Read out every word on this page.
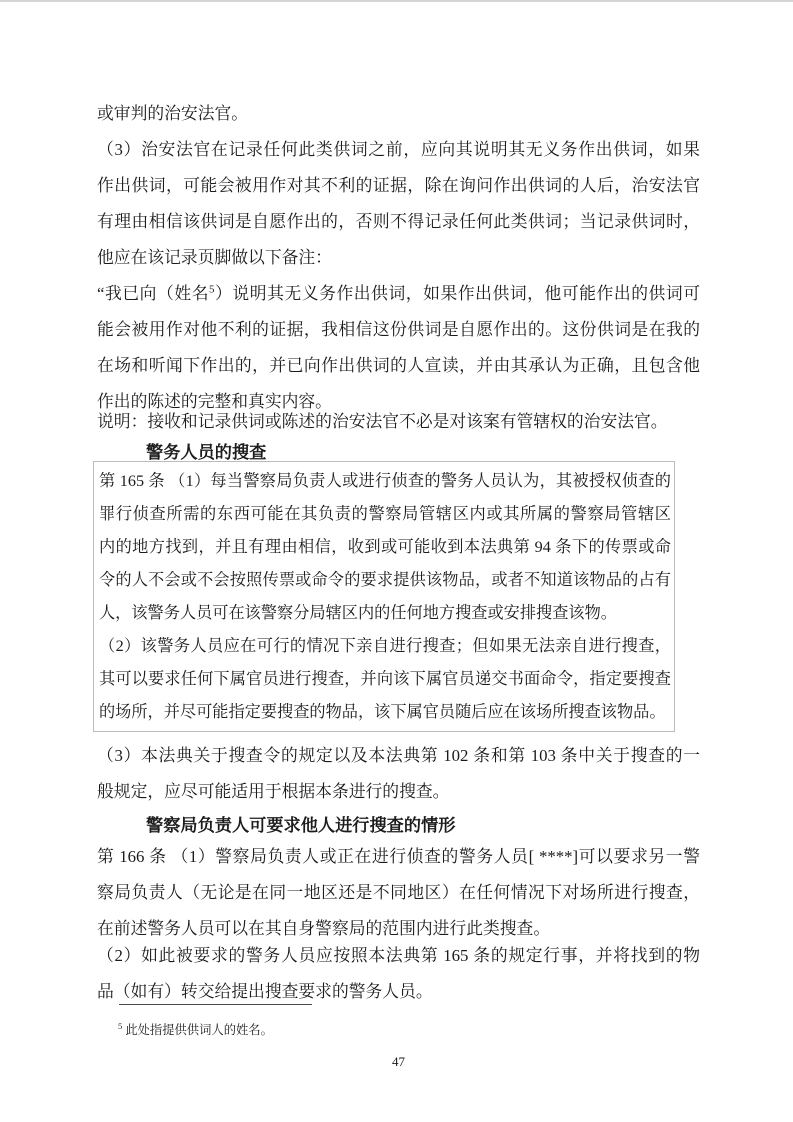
或审判的治安法官。
（3）治安法官在记录任何此类供词之前，应向其说明其无义务作出供词，如果
作出供词，可能会被用作对其不利的证据，除在询问作出供词的人后，治安法官
有理由相信该供词是自愿作出的，否则不得记录任何此类供词；当记录供词时，
他应在该记录页脚做以下备注：
“我已向（姓名$^5$）说明其无义务作出供词，如果作出供词，他可能作出的供词可
能会被用作对他不利的证据，我相信这份供词是自愿作出的。这份供词是在我的
在场和听闻下作出的，并已向作出供词的人宣读，并由其承认为正确，且包含他
作出的陈述的完整和真实内容。
说明：接收和记录供词或陈述的治安法官不必是对该案有管辖权的治安法官。
警务人员的搜查
第 165 条 （1）每当警察局负责人或进行侦查的警务人员认为，其被授权侦查的
罪行侦查所需的东西可能在其负责的警察局管辖区内或其所属的警察局管辖区
内的地方找到，并且有理由相信，收到或可能收到本法典第 94 条下的传票或命
令的人不会或不会按照传票或命令的要求提供该物品，或者不知道该物品的占有
人，该警务人员可在该警察分局辖区内的任何地方搜查或安排搜查该物。
（2）该警务人员应在可行的情况下亲自进行搜查；但如果无法亲自进行搜查，
其可以要求任何下属官员进行搜查，并向该下属官员递交书面命令，指定要搜查
的场所，并尽可能指定要搜查的物品，该下属官员随后应在该场所搜查该物品。
（3）本法典关于搜查令的规定以及本法典第 102 条和第 103 条中关于搜查的一
般规定，应尽可能适用于根据本条进行的搜查。
警察局负责人可要求他人进行搜查的情形
第 166 条 （1）警察局负责人或正在进行侦查的警务人员[ ****]可以要求另一警
察局负责人（无论是在同一地区还是不同地区）在任何情况下对场所进行搜查，
在前述警务人员可以在其自身警察局的范围内进行此类搜查。
（2）如此被要求的警务人员应按照本法典第 165 条的规定行事，并将找到的物
品（如有）转交给提出搜查要求的警务人员。
$^5$ 此处指提供供词人的姓名。
47
